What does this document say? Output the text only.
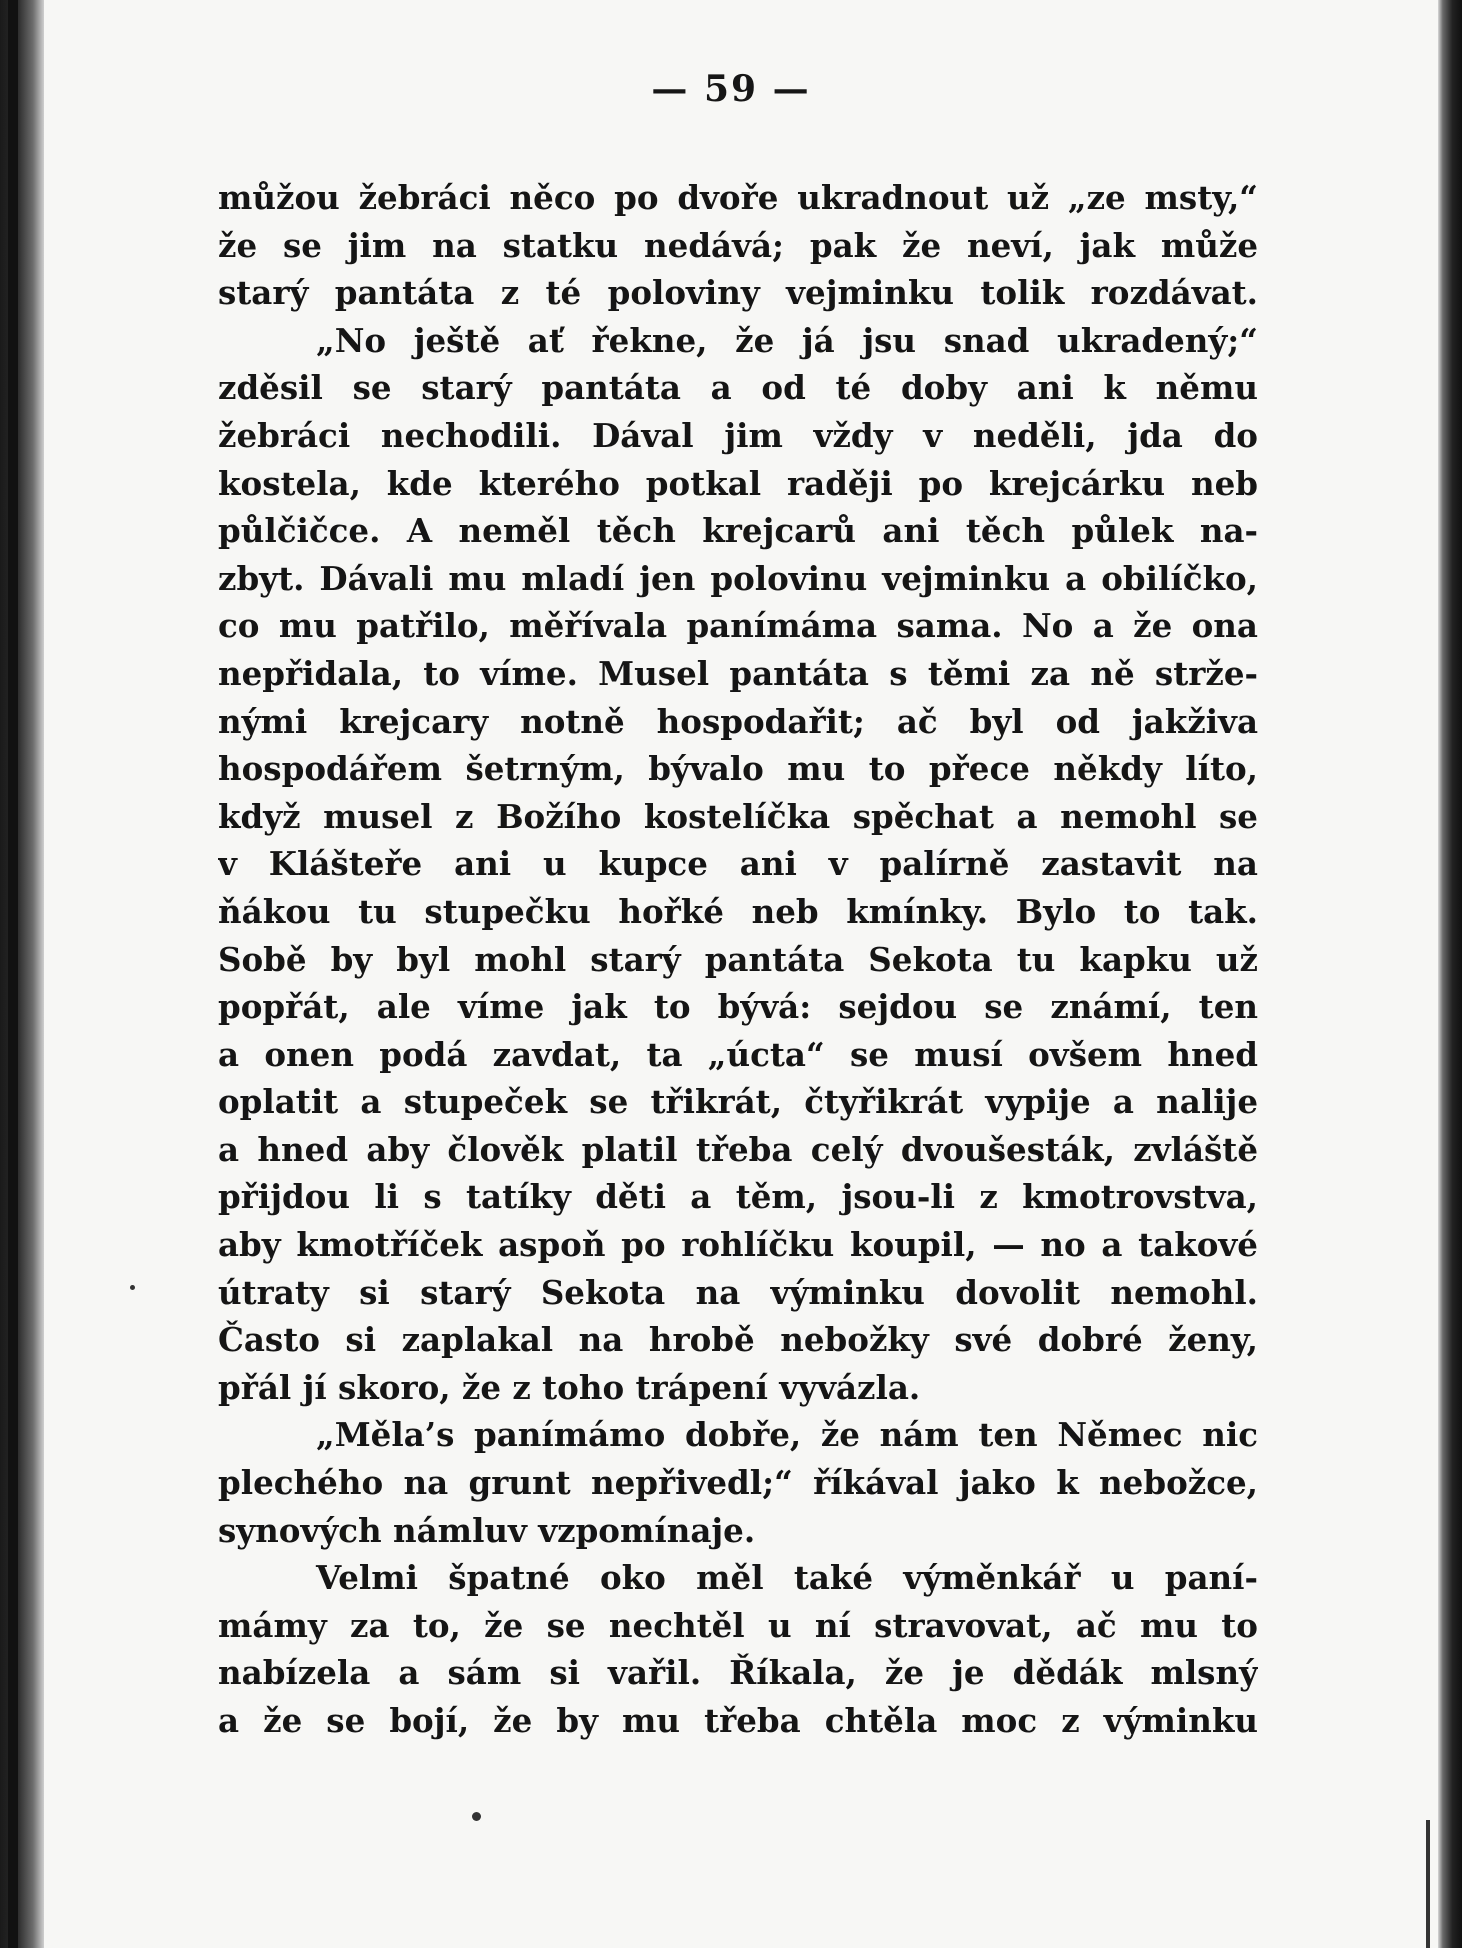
— 59 —
můžou žebráci něco po dvoře ukradnout už „ze msty,“
že se jim na statku nedává; pak že neví, jak může
starý pantáta z té poloviny vejminku tolik rozdávat.
„No ještě ať řekne, že já jsu snad ukradený;“
zděsil se starý pantáta a od té doby ani k němu
žebráci nechodili. Dával jim vždy v neděli, jda do
kostela, kde kterého potkal raději po krejcárku neb
půlčičce. A neměl těch krejcarů ani těch půlek na-
zbyt. Dávali mu mladí jen polovinu vejminku a obilíčko,
co mu patřilo, měřívala panímáma sama. No a že ona
nepřidala, to víme. Musel pantáta s těmi za ně strže-
nými krejcary notně hospodařit; ač byl od jakživa
hospodářem šetrným, bývalo mu to přece někdy líto,
když musel z Božího kostelíčka spěchat a nemohl se
v Klášteře ani u kupce ani v palírně zastavit na
ňákou tu stupečku hořké neb kmínky. Bylo to tak.
Sobě by byl mohl starý pantáta Sekota tu kapku už
popřát, ale víme jak to bývá: sejdou se známí, ten
a onen podá zavdat, ta „úcta“ se musí ovšem hned
oplatit a stupeček se třikrát, čtyřikrát vypije a nalije
a hned aby člověk platil třeba celý dvoušesták, zvláště
přijdou li s tatíky děti a těm, jsou-li z kmotrovstva,
aby kmotříček aspoň po rohlíčku koupil, — no a takové
útraty si starý Sekota na výminku dovolit nemohl.
Často si zaplakal na hrobě nebožky své dobré ženy,
přál jí skoro, že z toho trápení vyvázla.
„Měla’s panímámo dobře, že nám ten Němec nic
plechého na grunt nepřivedl;“ říkával jako k nebožce,
synových námluv vzpomínaje.
Velmi špatné oko měl také výměnkář u paní-
mámy za to, že se nechtěl u ní stravovat, ač mu to
nabízela a sám si vařil. Říkala, že je dědák mlsný
a že se bojí, že by mu třeba chtěla moc z výminku
